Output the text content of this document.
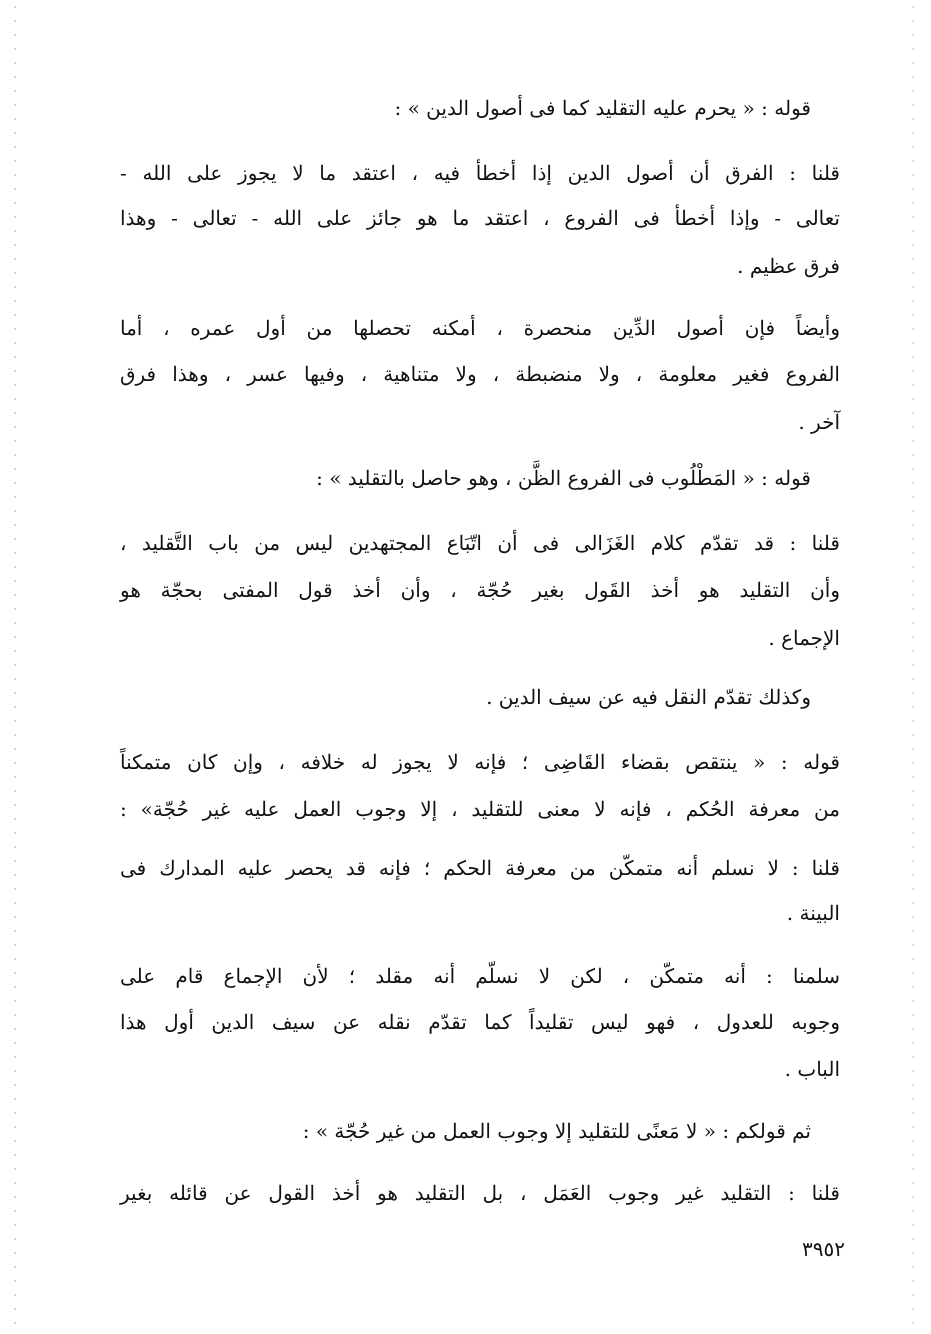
قوله : « يحرم عليه التقليد كما فى أصول الدين » :
قلنا : الفرق أن أصول الدين إذا أخطأ فيه ، اعتقد ما لا يجوز على الله -
تعالى - وإذا أخطأ فى الفروع ، اعتقد ما هو جائز على الله - تعالى - وهذا
فرق عظيم .
وأيضاً فإن أصول الدِّين منحصرة ، أمكنه تحصلها من أول عمره ، أما
الفروع فغير معلومة ، ولا منضبطة ، ولا متناهية ، وفيها عسر ، وهذا فرق
آخر .
قوله : « المَطْلُوب فى الفروع الظَّن ، وهو حاصل بالتقليد » :
قلنا : قد تقدّم كلام الغَزَالى فى أن اتّبَاع المجتهدين ليس من باب التَّقليد ،
وأن التقليد هو أخذ القَول بغير حُجّة ، وأن أخذ قول المفتى بحجّة هو
الإجماع .
وكذلك تقدّم النقل فيه عن سيف الدين .
قوله : « ينتقص بقضاء القَاضِى ؛ فإنه لا يجوز له خلافه ، وإن كان متمكناً
من معرفة الحُكم ، فإنه لا معنى للتقليد ، إلا وجوب العمل عليه غير حُجّة» :
قلنا : لا نسلم أنه متمكّن من معرفة الحكم ؛ فإنه قد يحصر عليه المدارك فى
البينة .
سلمنا : أنه متمكّن ، لكن لا نسلّم أنه مقلد ؛ لأن الإجماع قام على
وجوبه للعدول ، فهو ليس تقليداً كما تقدّم نقله عن سيف الدين أول هذا
الباب .
ثم قولكم : « لا مَعنًى للتقليد إلا وجوب العمل من غير حُجّة » :
قلنا : التقليد غير وجوب العَمَل ، بل التقليد هو أخذ القول عن قائله بغير
٣٩٥٢
